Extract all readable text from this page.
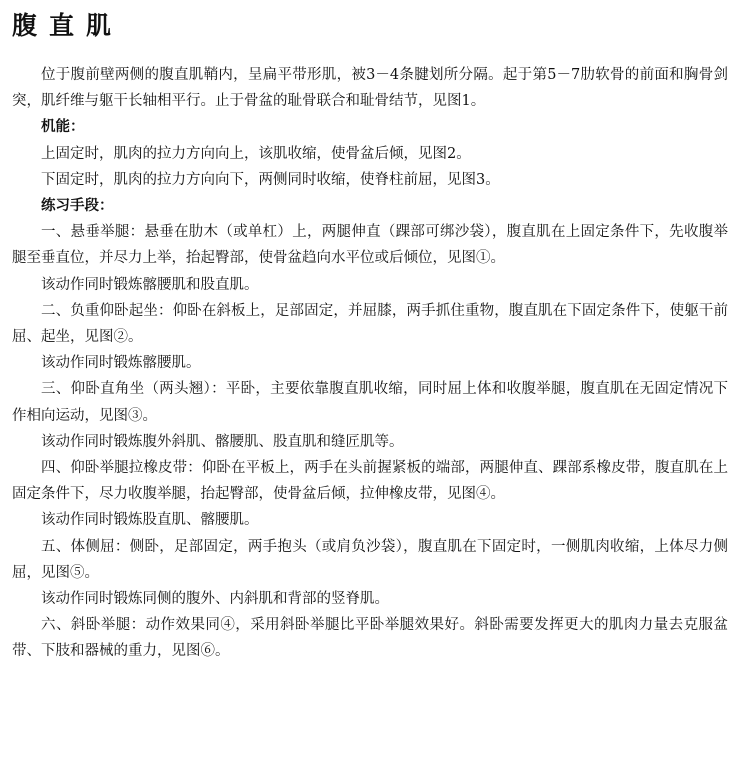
腹直肌

位于腹前壁两侧的腹直肌鞘内，呈扁平带形肌，被3－4条腱划所分隔。起于第5－7肋软骨的前面和胸骨剑突，肌纤维与躯干长轴相平行。止于骨盆的耻骨联合和耻骨结节，见图1。

机能：

上固定时，肌肉的拉力方向向上，该肌收缩，使骨盆后倾，见图2。

下固定时，肌肉的拉力方向向下，两侧同时收缩，使脊柱前屈，见图3。

练习手段：

一、悬垂举腿：悬垂在肋木（或单杠）上，两腿伸直（踝部可绑沙袋），腹直肌在上固定条件下，先收腹举腿至垂直位，并尽力上举，抬起臀部，使骨盆趋向水平位或后倾位，见图①。

该动作同时锻炼髂腰肌和股直肌。

二、负重仰卧起坐：仰卧在斜板上，足部固定，并屈膝，两手抓住重物，腹直肌在下固定条件下，使躯干前屈、起坐，见图②。

该动作同时锻炼髂腰肌。

三、仰卧直角坐（两头翘）：平卧，主要依靠腹直肌收缩，同时屈上体和收腹举腿，腹直肌在无固定情况下作相向运动，见图③。

该动作同时锻炼腹外斜肌、髂腰肌、股直肌和缝匠肌等。

四、仰卧举腿拉橡皮带：仰卧在平板上，两手在头前握紧板的端部，两腿伸直、踝部系橡皮带，腹直肌在上固定条件下，尽力收腹举腿，抬起臀部，使骨盆后倾，拉伸橡皮带，见图④。

该动作同时锻炼股直肌、髂腰肌。

五、体侧屈：侧卧，足部固定，两手抱头（或肩负沙袋），腹直肌在下固定时，一侧肌肉收缩，上体尽力侧屈，见图⑤。

该动作同时锻炼同侧的腹外、内斜肌和背部的竖脊肌。

六、斜卧举腿：动作效果同④，采用斜卧举腿比平卧举腿效果好。斜卧需要发挥更大的肌肉力量去克服盆带、下肢和器械的重力，见图⑥。
